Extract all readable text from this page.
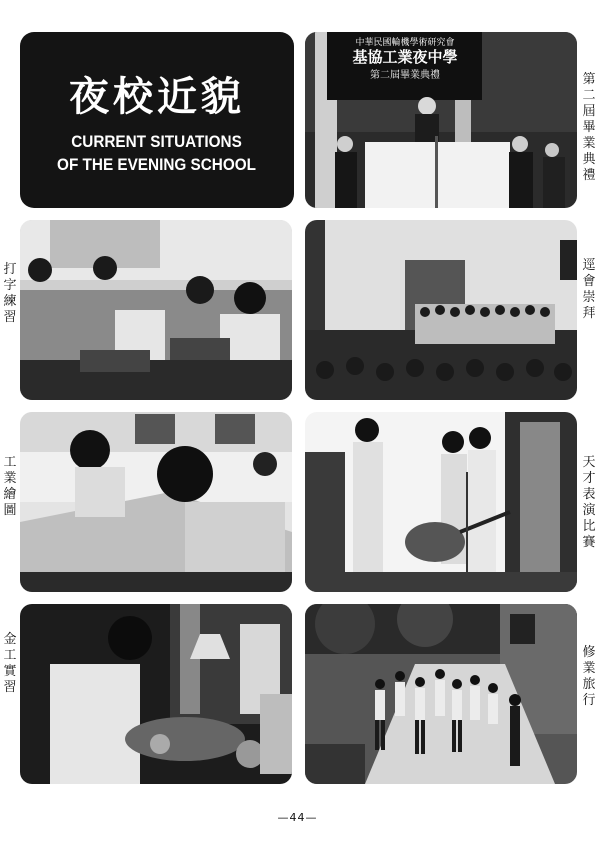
夜校近貌
CURRENT SITUATIONS
OF THE EVENING SCHOOL
中華民國輪機學術研究會
基協工業夜中學
第二屆畢業典禮	第二屆畢業典禮
打字練習
逕會崇拜
工業繪圖
天才表演比賽
金工實習
修業旅行
—44—
